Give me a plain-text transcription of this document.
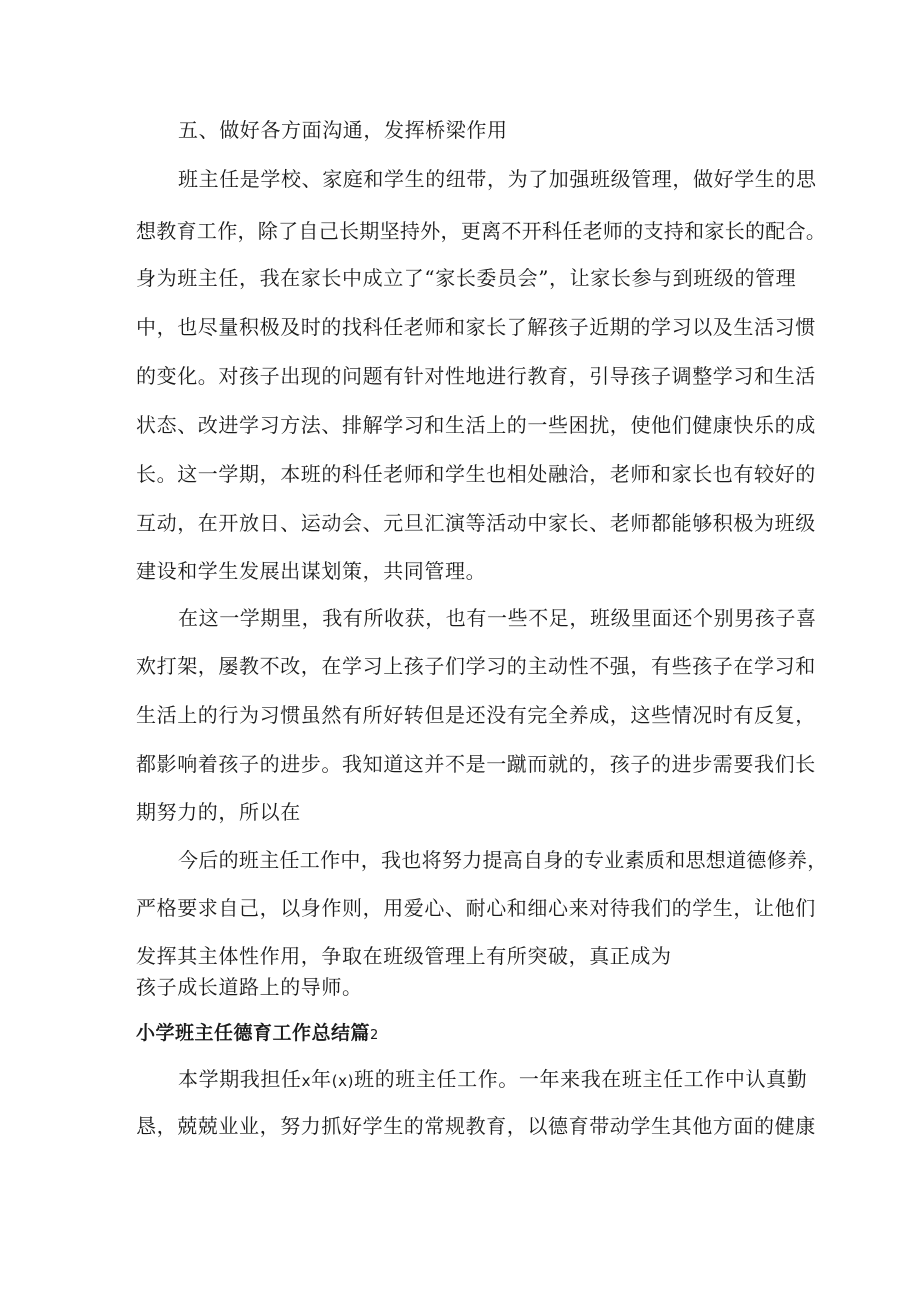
五、做好各方面沟通，发挥桥梁作用
班主任是学校、家庭和学生的纽带，为了加强班级管理，做好学生的思
想教育工作，除了自己长期坚持外，更离不开科任老师的支持和家长的配合。
身为班主任，我在家长中成立了“家长委员会”，让家长参与到班级的管理
中，也尽量积极及时的找科任老师和家长了解孩子近期的学习以及生活习惯
的变化。对孩子出现的问题有针对性地进行教育，引导孩子调整学习和生活
状态、改进学习方法、排解学习和生活上的一些困扰，使他们健康快乐的成
长。这一学期，本班的科任老师和学生也相处融洽，老师和家长也有较好的
互动，在开放日、运动会、元旦汇演等活动中家长、老师都能够积极为班级
建设和学生发展出谋划策，共同管理。
在这一学期里，我有所收获，也有一些不足，班级里面还个别男孩子喜
欢打架，屡教不改，在学习上孩子们学习的主动性不强，有些孩子在学习和
生活上的行为习惯虽然有所好转但是还没有完全养成，这些情况时有反复，
都影响着孩子的进步。我知道这并不是一蹴而就的，孩子的进步需要我们长
期努力的，所以在
今后的班主任工作中，我也将努力提高自身的专业素质和思想道德修养，
严格要求自己，以身作则，用爱心、耐心和细心来对待我们的学生，让他们
发挥其主体性作用，争取在班级管理上有所突破，真正成为
孩子成长道路上的导师。
小学班主任德育工作总结篇2
本学期我担任x年(x)班的班主任工作。一年来我在班主任工作中认真勤
恳，兢兢业业，努力抓好学生的常规教育，以德育带动学生其他方面的健康
